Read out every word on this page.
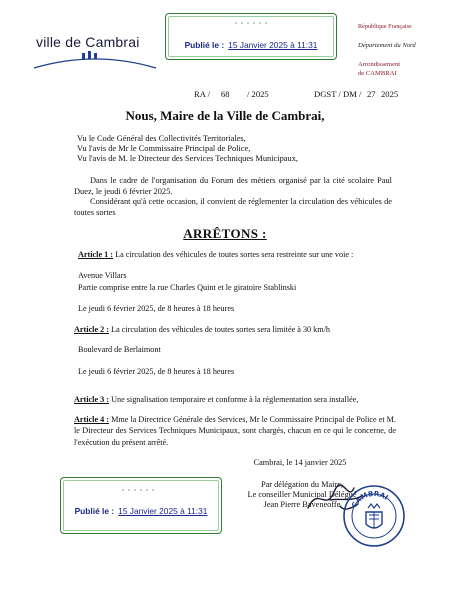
ville de Cambrai	Publié le : 15 Janvier 2025 à 11:31
République Française
Département du Nord
Arrondissement
de CAMBRAI
RA / 68 / 2025	DGST / DM / 27 2025
Nous, Maire de la Ville de Cambrai,
Vu le Code Général des Collectivités Territoriales,
Vu l'avis de Mr le Commissaire Principal de Police,
Vu l'avis de M. le Directeur des Services Techniques Municipaux,
Dans le cadre de l'organisation du Forum des métiers organisé par la cité scolaire Paul Duez, le jeudi 6 février 2025.
Considérant qu'à cette occasion, il convient de réglementer la circulation des véhicules de toutes sortes
ARRÊTONS :
Article 1 : La circulation des véhicules de toutes sortes sera restreinte sur une voie :
Avenue Villars
Partie comprise entre la rue Charles Quint et le giratoire Stablinski
Le jeudi 6 février 2025, de 8 heures à 18 heures
Article 2 : La circulation des véhicules de toutes sortes sera limitée à 30 km/h
Boulevard de Berlaimont
Le jeudi 6 février 2025, de 8 heures à 18 heures
Article 3 : Une signalisation temporaire et conforme à la réglementation sera installée,
Article 4 : Mme la Directrice Générale des Services, Mr le Commissaire Principal de Police et M. le Directeur des Services Techniques Municipaux, sont chargés, chacun en ce qui le concerne, de l'exécution du présent arrêté.
Cambrai, le 14 janvier 2025
Par délégation du Maire,
Le conseiller Municipal Délégué
Jean Pierre Baveneoffe	CAMBRAI
Publié le : 15 Janvier 2025 à 11:31
